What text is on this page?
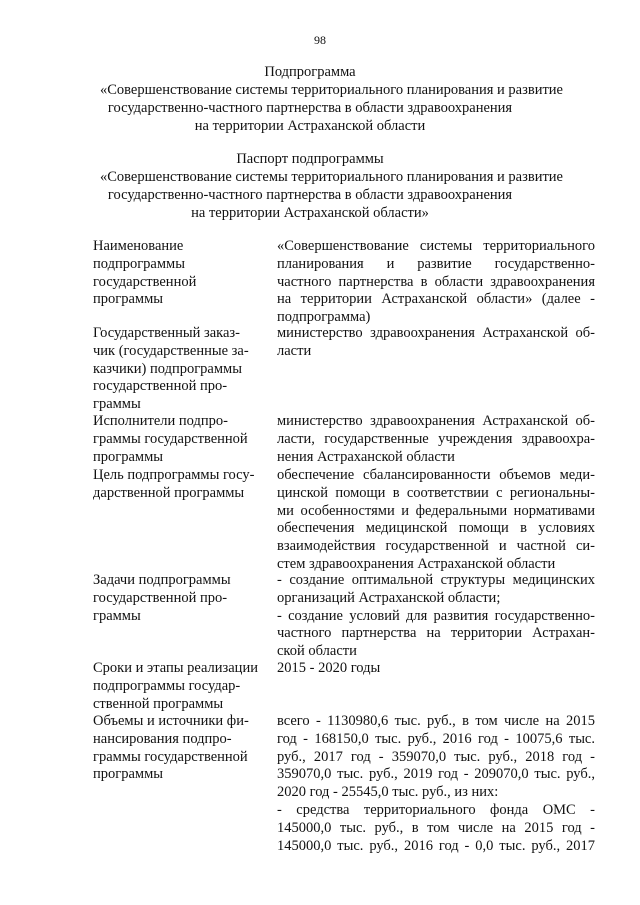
98
Подпрограмма
«Совершенствование системы территориального планирования и развитие
государственно-частного партнерства в области здравоохранения
на территории Астраханской области
Паспорт подпрограммы
«Совершенствование системы территориального планирования и развитие
государственно-частного партнерства в области здравоохранения
на территории Астраханской области»
Наименование
подпрограммы
государственной
программы
«Совершенствование системы территориального
планирования и развитие государственно-
частного партнерства в области здравоохранения
на территории Астраханской области» (далее -
подпрограмма)
Государственный заказ-
чик (государственные за-
казчики) подпрограммы
государственной про-
граммы
министерство здравоохранения Астраханской об-
ласти
Исполнители подпро-
граммы государственной
программы
министерство здравоохранения Астраханской об-
ласти, государственные учреждения здравоохра-
нения Астраханской области
Цель подпрограммы госу-
дарственной программы
обеспечение сбалансированности объемов меди-
цинской помощи в соответствии с региональны-
ми особенностями и федеральными нормативами
обеспечения медицинской помощи в условиях
взаимодействия государственной и частной си-
стем здравоохранения Астраханской области
Задачи подпрограммы
государственной про-
граммы
- создание оптимальной структуры медицинских
организаций Астраханской области;
- создание условий для развития государственно-
частного партнерства на территории Астрахан-
ской области
Сроки и этапы реализации
подпрограммы государ-
ственной программы
2015 - 2020 годы
Объемы и источники фи-
нансирования подпро-
граммы государственной
программы
всего - 1130980,6 тыс. руб., в том числе на 2015
год - 168150,0 тыс. руб., 2016 год - 10075,6 тыс.
руб., 2017 год - 359070,0 тыс. руб., 2018 год -
359070,0 тыс. руб., 2019 год - 209070,0 тыс. руб.,
2020 год - 25545,0 тыс. руб., из них:
- средства территориального фонда ОМС -
145000,0 тыс. руб., в том числе на 2015 год -
145000,0 тыс. руб., 2016 год - 0,0 тыс. руб., 2017
